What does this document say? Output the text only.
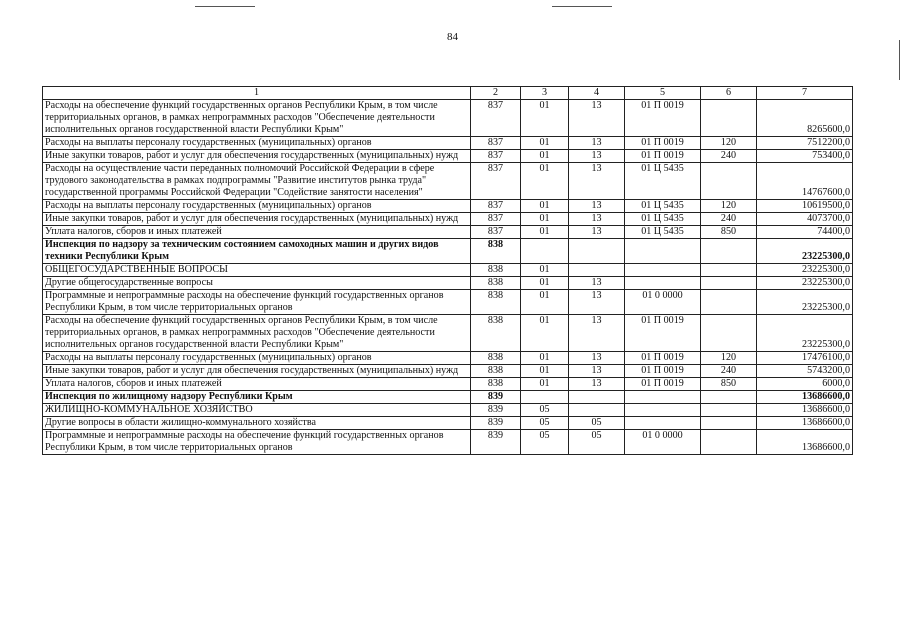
84
1	2	3	4	5	6	7
Расходы на обеспечение функций государственных органов Республики Крым, в том числе территориальных органов, в рамках непрограммных расходов "Обеспечение деятельности исполнительных органов государственной власти Республики Крым"	837	01	13	01 П 0019		8265600,0
Расходы на выплаты персоналу государственных (муниципальных) органов	837	01	13	01 П 0019	120	7512200,0
Иные закупки товаров, работ и услуг для обеспечения государственных (муниципальных) нужд	837	01	13	01 П 0019	240	753400,0
Расходы на осуществление части переданных полномочий Российской Федерации в сфере трудового законодательства в рамках подпрограммы "Развитие институтов рынка труда" государственной программы Российской Федерации "Содействие занятости населения"	837	01	13	01 Ц 5435		14767600,0
Расходы на выплаты персоналу государственных (муниципальных) органов	837	01	13	01 Ц 5435	120	10619500,0
Иные закупки товаров, работ и услуг для обеспечения государственных (муниципальных) нужд	837	01	13	01 Ц 5435	240	4073700,0
Уплата налогов, сборов и иных платежей	837	01	13	01 Ц 5435	850	74400,0
Инспекция по надзору за техническим состоянием самоходных машин и других видов техники Республики Крым	838					23225300,0
ОБЩЕГОСУДАРСТВЕННЫЕ ВОПРОСЫ	838	01				23225300,0
Другие общегосударственные вопросы	838	01	13			23225300,0
Программные и непрограммные расходы на обеспечение функций государственных органов Республики Крым, в том числе территориальных органов	838	01	13	01 0 0000		23225300,0
Расходы на обеспечение функций государственных органов Республики Крым, в том числе территориальных органов, в рамках непрограммных расходов "Обеспечение деятельности исполнительных органов государственной власти Республики Крым"	838	01	13	01 П 0019		23225300,0
Расходы на выплаты персоналу государственных (муниципальных) органов	838	01	13	01 П 0019	120	17476100,0
Иные закупки товаров, работ и услуг для обеспечения государственных (муниципальных) нужд	838	01	13	01 П 0019	240	5743200,0
Уплата налогов, сборов и иных платежей	838	01	13	01 П 0019	850	6000,0
Инспекция по жилищному надзору Республики Крым	839					13686600,0
ЖИЛИЩНО-КОММУНАЛЬНОЕ ХОЗЯЙСТВО	839	05				13686600,0
Другие вопросы в области жилищно-коммунального хозяйства	839	05	05			13686600,0
Программные и непрограммные расходы на обеспечение функций государственных органов Республики Крым, в том числе территориальных органов	839	05	05	01 0 0000		13686600,0
